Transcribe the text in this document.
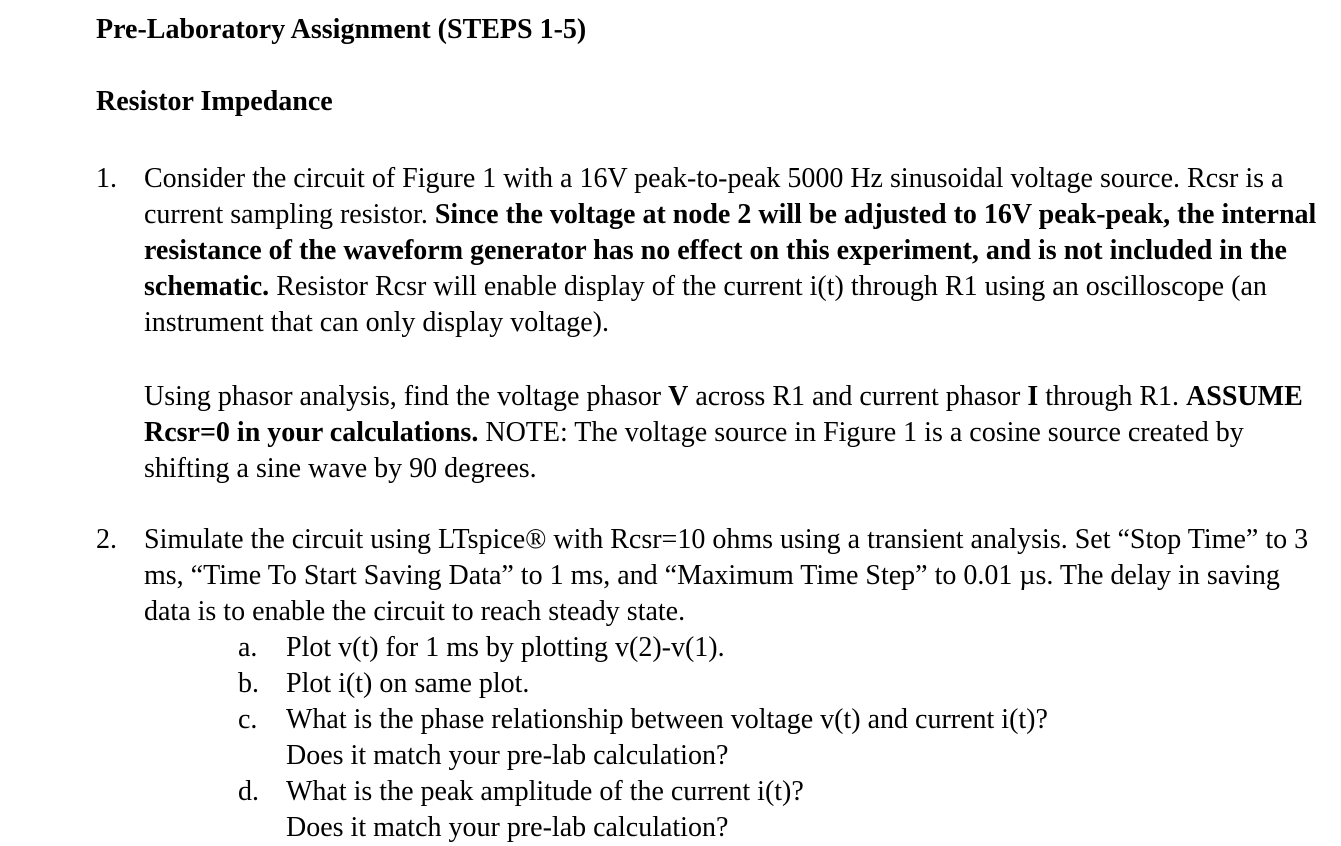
Pre-Laboratory Assignment (STEPS 1-5)
Resistor Impedance
1. Consider the circuit of Figure 1 with a 16V peak-to-peak 5000 Hz sinusoidal voltage source. Rcsr is a current sampling resistor. Since the voltage at node 2 will be adjusted to 16V peak-peak, the internal resistance of the waveform generator has no effect on this experiment, and is not included in the schematic. Resistor Rcsr will enable display of the current i(t) through R1 using an oscilloscope (an instrument that can only display voltage).
Using phasor analysis, find the voltage phasor V across R1 and current phasor I through R1. ASSUME Rcsr=0 in your calculations. NOTE: The voltage source in Figure 1 is a cosine source created by shifting a sine wave by 90 degrees.
2. Simulate the circuit using LTspice® with Rcsr=10 ohms using a transient analysis. Set “Stop Time” to 3 ms, “Time To Start Saving Data” to 1 ms, and “Maximum Time Step” to 0.01 µs. The delay in saving data is to enable the circuit to reach steady state.
a. Plot v(t) for 1 ms by plotting v(2)-v(1).
b. Plot i(t) on same plot.
c. What is the phase relationship between voltage v(t) and current i(t)?
Does it match your pre-lab calculation?
d. What is the peak amplitude of the current i(t)?
Does it match your pre-lab calculation?
